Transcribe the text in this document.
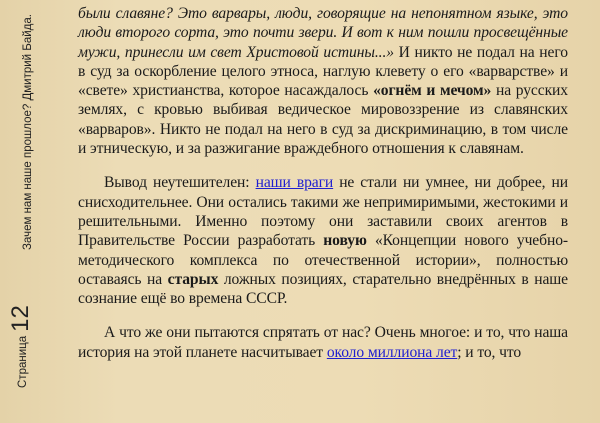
Зачем нам наше прошлое? Дмитрий Байда.
Страница12

были славяне? Это варвары, люди, говорящие на непонятном языке, это люди второго сорта, это почти звери. И вот к ним пошли просвещённые мужи, принесли им свет Христовой истины...» И никто не подал на него в суд за оскорбление целого этноса, наглую клевету о его «варварстве» и «свете» христианства, которое насаждалось «огнём и мечом» на русских землях, с кровью выбивая ведическое мировоззрение из славянских «варваров». Никто не подал на него в суд за дискриминацию, в том числе и этническую, и за разжигание враждебного отношения к славянам.

Вывод неутешителен: наши враги не стали ни умнее, ни добрее, ни снисходительнее. Они остались такими же непримиримыми, жестокими и решительными. Именно поэтому они заставили своих агентов в Правительстве России разработать новую «Концепции нового учебно-методического комплекса по отечественной истории», полностью оставаясь на старых ложных позициях, старательно внедрённых в наше сознание ещё во времена СССР.

А что же они пытаются спрятать от нас? Очень многое: и то, что наша история на этой планете насчитывает около миллиона лет; и то, что
